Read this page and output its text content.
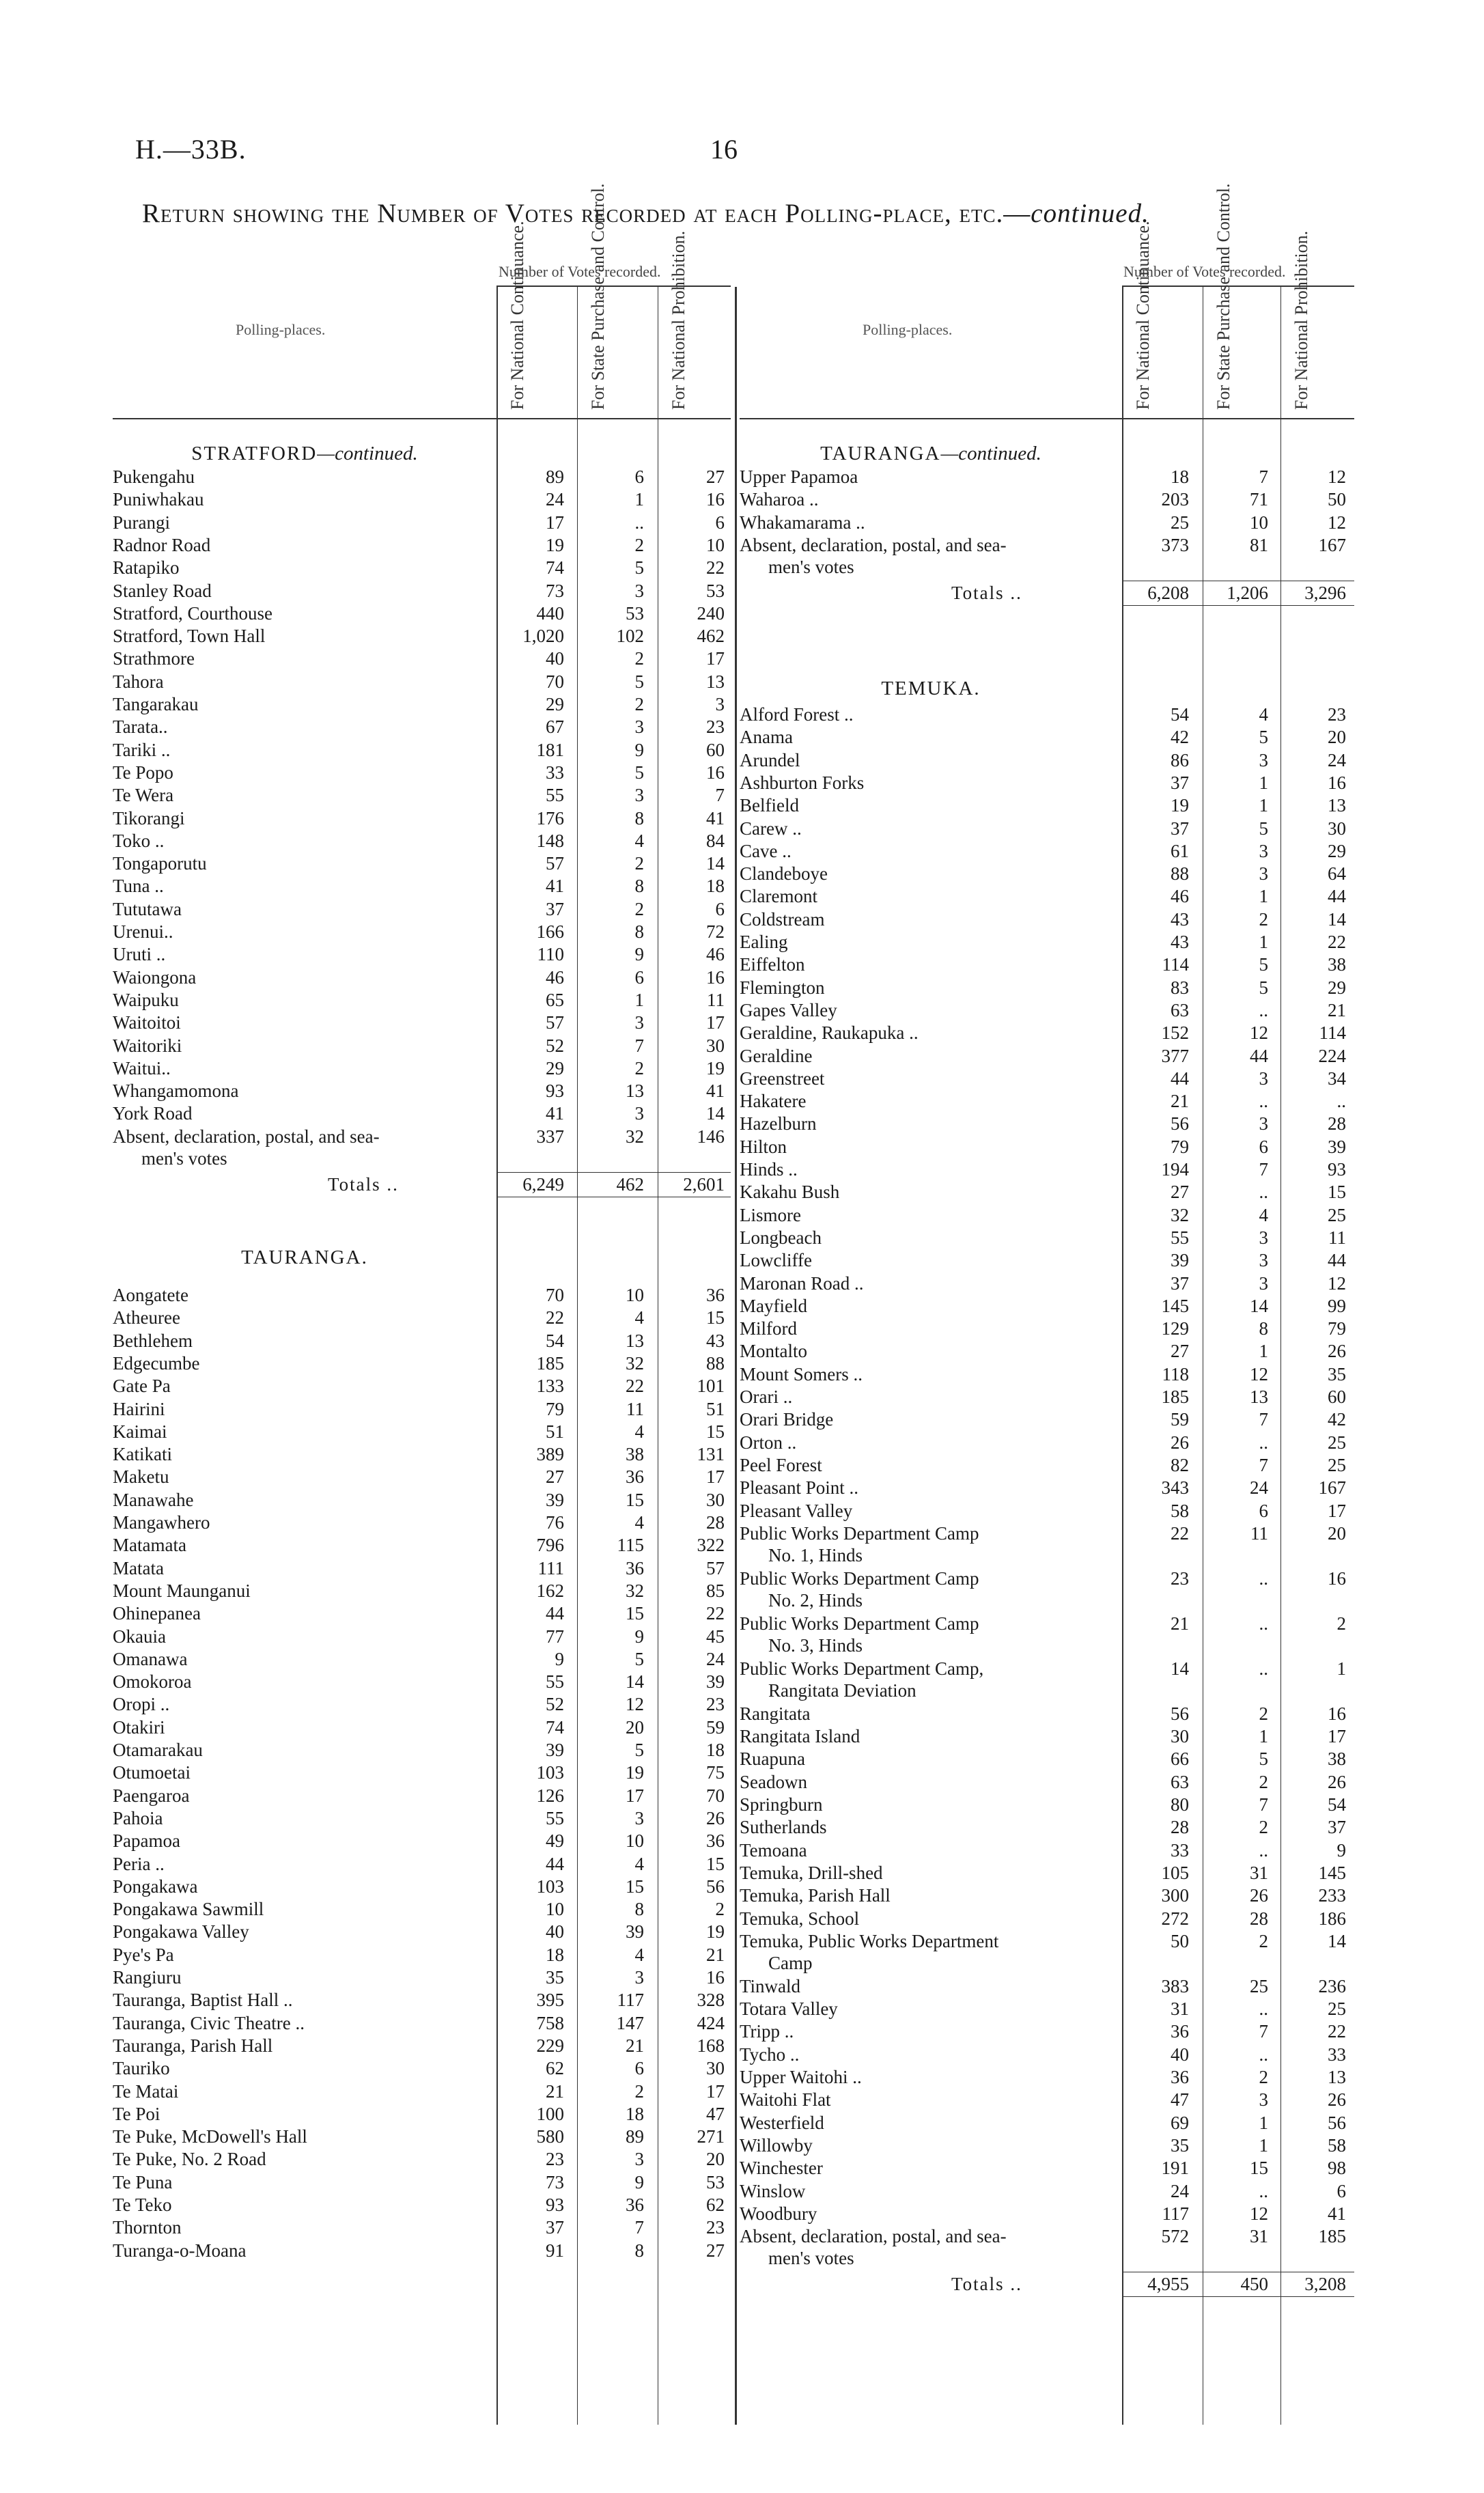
H.—33B.	16
Return showing the Number of Votes recorded at each Polling-place, etc.—continued.
Polling-places.
Number of Votes recorded.
For National Continuance.	For State Purchase and Control.	For National Prohibition.
STRATFORD—continued.
Pukengahu	89	6	27
Puniwhakau	24	1	16
Purangi	17	..	6
Radnor Road	19	2	10
Ratapiko	74	5	22
Stanley Road	73	3	53
Stratford, Courthouse	440	53	240
Stratford, Town Hall	1,020	102	462
Strathmore	40	2	17
Tahora	70	5	13
Tangarakau	29	2	3
Tarata..	67	3	23
Tariki ..	181	9	60
Te Popo	33	5	16
Te Wera	55	3	7
Tikorangi	176	8	41
Toko ..	148	4	84
Tongaporutu	57	2	14
Tuna ..	41	8	18
Tututawa	37	2	6
Urenui..	166	8	72
Uruti ..	110	9	46
Waiongona	46	6	16
Waipuku	65	1	11
Waitoitoi	57	3	17
Waitoriki	52	7	30
Waitui..	29	2	19
Whangamomona	93	13	41
York Road	41	3	14
Absent, declaration, postal, and sea-	337	32	146
men's votes
Totals ..	6,249	462	2,601
TAURANGA.
Aongatete	70	10	36
Atheuree	22	4	15
Bethlehem	54	13	43
Edgecumbe	185	32	88
Gate Pa	133	22	101
Hairini	79	11	51
Kaimai	51	4	15
Katikati	389	38	131
Maketu	27	36	17
Manawahe	39	15	30
Mangawhero	76	4	28
Matamata	796	115	322
Matata	111	36	57
Mount Maunganui	162	32	85
Ohinepanea	44	15	22
Okauia	77	9	45
Omanawa	9	5	24
Omokoroa	55	14	39
Oropi ..	52	12	23
Otakiri	74	20	59
Otamarakau	39	5	18
Otumoetai	103	19	75
Paengaroa	126	17	70
Pahoia	55	3	26
Papamoa	49	10	36
Peria ..	44	4	15
Pongakawa	103	15	56
Pongakawa Sawmill	10	8	2
Pongakawa Valley	40	39	19
Pye's Pa	18	4	21
Rangiuru	35	3	16
Tauranga, Baptist Hall ..	395	117	328
Tauranga, Civic Theatre ..	758	147	424
Tauranga, Parish Hall	229	21	168
Tauriko	62	6	30
Te Matai	21	2	17
Te Poi	100	18	47
Te Puke, McDowell's Hall	580	89	271
Te Puke, No. 2 Road	23	3	20
Te Puna	73	9	53
Te Teko	93	36	62
Thornton	37	7	23
Turanga-o-Moana	91	8	27
Polling-places.
Number of Votes recorded.
For National Continuance.	For State Purchase and Control.	For National Prohibition.
TAURANGA—continued.
Upper Papamoa	18	7	12
Waharoa ..	203	71	50
Whakamarama ..	25	10	12
Absent, declaration, postal, and sea-	373	81	167
men's votes
Totals ..	6,208	1,206	3,296
TEMUKA.
Alford Forest ..	54	4	23
Anama	42	5	20
Arundel	86	3	24
Ashburton Forks	37	1	16
Belfield	19	1	13
Carew ..	37	5	30
Cave ..	61	3	29
Clandeboye	88	3	64
Claremont	46	1	44
Coldstream	43	2	14
Ealing	43	1	22
Eiffelton	114	5	38
Flemington	83	5	29
Gapes Valley	63	..	21
Geraldine, Raukapuka ..	152	12	114
Geraldine	377	44	224
Greenstreet	44	3	34
Hakatere	21	..	..
Hazelburn	56	3	28
Hilton	79	6	39
Hinds ..	194	7	93
Kakahu Bush	27	..	15
Lismore	32	4	25
Longbeach	55	3	11
Lowcliffe	39	3	44
Maronan Road ..	37	3	12
Mayfield	145	14	99
Milford	129	8	79
Montalto	27	1	26
Mount Somers ..	118	12	35
Orari ..	185	13	60
Orari Bridge	59	7	42
Orton ..	26	..	25
Peel Forest	82	7	25
Pleasant Point ..	343	24	167
Pleasant Valley	58	6	17
Public Works Department Camp	22	11	20
No. 1, Hinds
Public Works Department Camp	23	..	16
No. 2, Hinds
Public Works Department Camp	21	..	2
No. 3, Hinds
Public Works Department Camp,	14	..	1
Rangitata Deviation
Rangitata	56	2	16
Rangitata Island	30	1	17
Ruapuna	66	5	38
Seadown	63	2	26
Springburn	80	7	54
Sutherlands	28	2	37
Temoana	33	..	9
Temuka, Drill-shed	105	31	145
Temuka, Parish Hall	300	26	233
Temuka, School	272	28	186
Temuka, Public Works Department	50	2	14
Camp
Tinwald	383	25	236
Totara Valley	31	..	25
Tripp ..	36	7	22
Tycho ..	40	..	33
Upper Waitohi ..	36	2	13
Waitohi Flat	47	3	26
Westerfield	69	1	56
Willowby	35	1	58
Winchester	191	15	98
Winslow	24	..	6
Woodbury	117	12	41
Absent, declaration, postal, and sea-	572	31	185
men's votes
Totals ..	4,955	450	3,208
